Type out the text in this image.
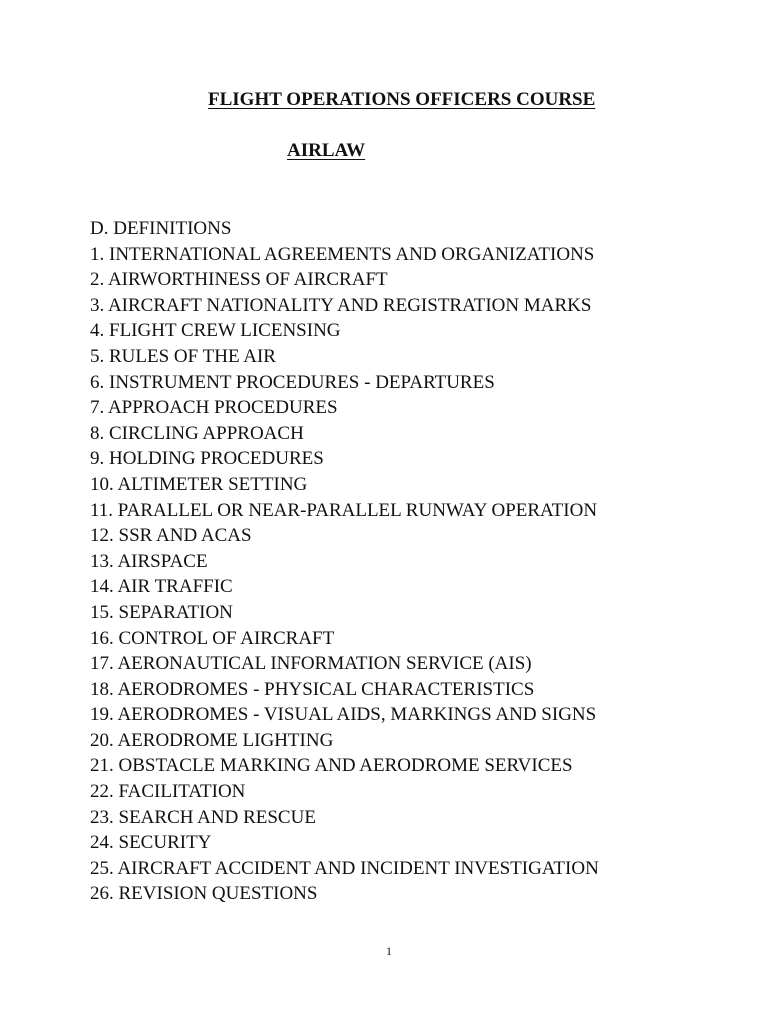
FLIGHT OPERATIONS OFFICERS COURSE
AIRLAW
D. DEFINITIONS
1. INTERNATIONAL AGREEMENTS AND ORGANIZATIONS
2. AIRWORTHINESS OF AIRCRAFT
3. AIRCRAFT NATIONALITY AND REGISTRATION MARKS
4. FLIGHT CREW LICENSING
5. RULES OF THE AIR
6. INSTRUMENT PROCEDURES - DEPARTURES
7. APPROACH PROCEDURES
8. CIRCLING APPROACH
9. HOLDING PROCEDURES
10. ALTIMETER SETTING
11. PARALLEL OR NEAR-PARALLEL RUNWAY OPERATION
12. SSR AND ACAS
13. AIRSPACE
14. AIR TRAFFIC
15. SEPARATION
16. CONTROL OF AIRCRAFT
17. AERONAUTICAL INFORMATION SERVICE (AIS)
18. AERODROMES - PHYSICAL CHARACTERISTICS
19. AERODROMES - VISUAL AIDS, MARKINGS AND SIGNS
20. AERODROME LIGHTING
21. OBSTACLE MARKING AND AERODROME SERVICES
22. FACILITATION
23. SEARCH AND RESCUE
24. SECURITY
25. AIRCRAFT ACCIDENT AND INCIDENT INVESTIGATION
26. REVISION QUESTIONS
1
